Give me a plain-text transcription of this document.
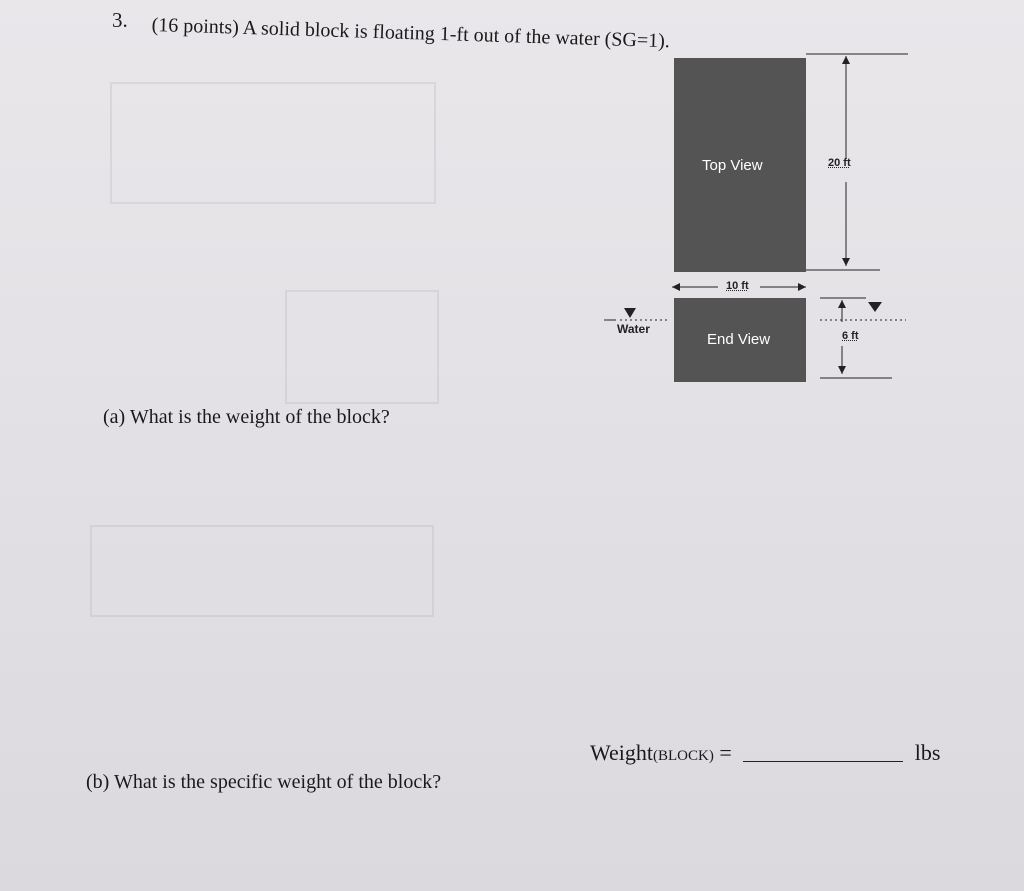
3. (16 points) A solid block is floating 1-ft out of the water (SG=1).
Top View
End View
20 ft
10 ft
6 ft
Water
(a) What is the weight of the block?
Weight(BLOCK) =	lbs
(b) What is the specific weight of the block?
